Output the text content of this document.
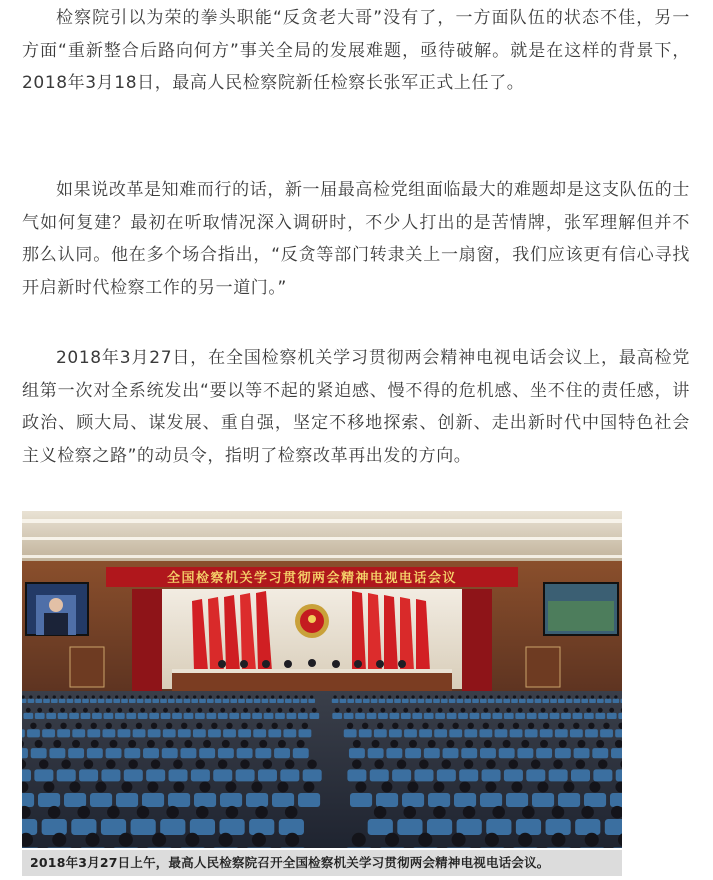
检察院引以为荣的拳头职能“反贪老大哥”没有了，一方面队伍的状态不佳，另一方面“重新整合后路向何方”事关全局的发展难题，亟待破解。就是在这样的背景下，2018年3月18日，最高人民检察院新任检察长张军正式上任了。

如果说改革是知难而行的话，新一届最高检党组面临最大的难题却是这支队伍的士气如何复建？最初在听取情况深入调研时，不少人打出的是苦情牌，张军理解但并不那么认同。他在多个场合指出，“反贪等部门转隶关上一扇窗，我们应该更有信心寻找开启新时代检察工作的另一道门。”

2018年3月27日，在全国检察机关学习贯彻两会精神电视电话会议上，最高检党组第一次对全系统发出“要以等不起的紧迫感、慢不得的危机感、坐不住的责任感，讲政治、顾大局、谋发展、重自强，坚定不移地探索、创新、走出新时代中国特色社会主义检察之路”的动员令，指明了检察改革再出发的方向。

全国检察机关学习贯彻两会精神电视电话会议
2018年3月27日上午，最高人民检察院召开全国检察机关学习贯彻两会精神电视电话会议。
